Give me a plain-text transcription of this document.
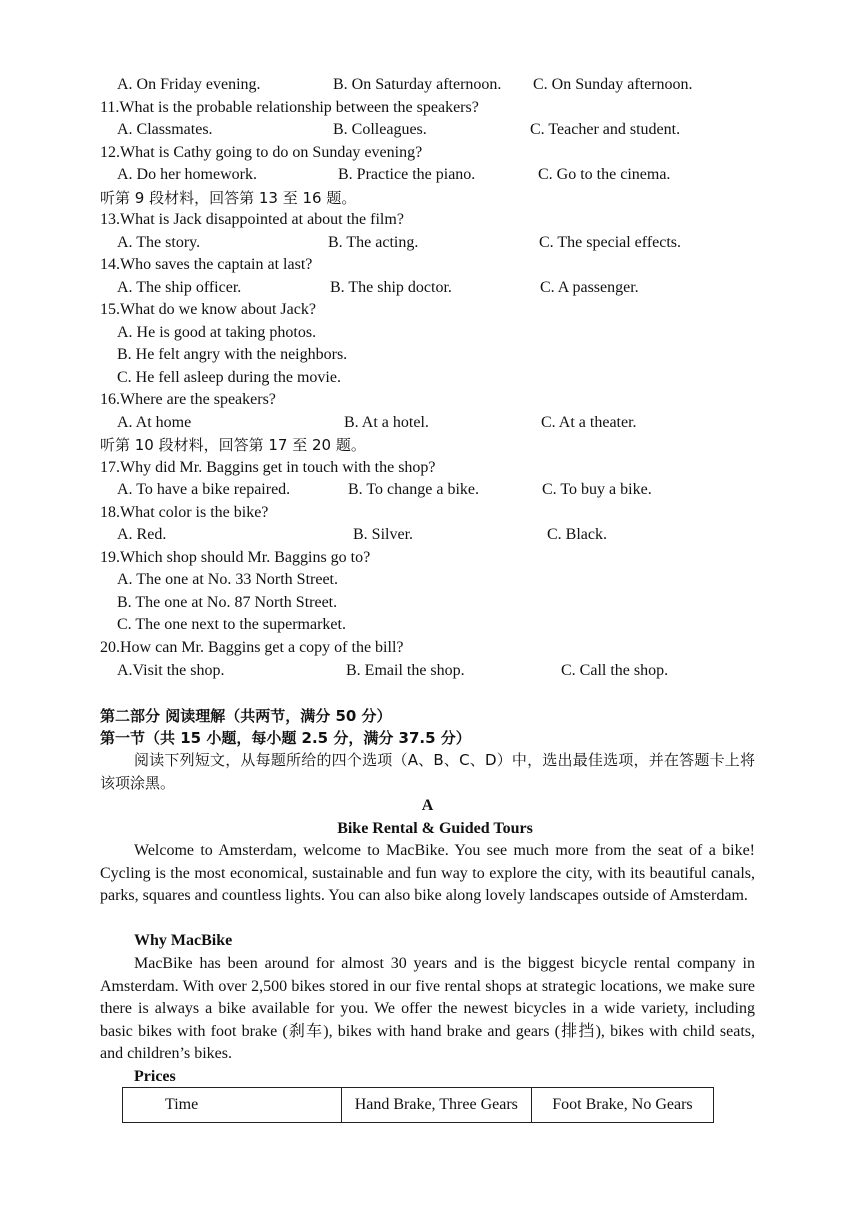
A. On Friday evening.	B. On Saturday afternoon. C. On Sunday afternoon.
11.What is the probable relationship between the speakers?
A. Classmates.	B. Colleagues.	C. Teacher and student.
12.What is Cathy going to do on Sunday evening?
A. Do her homework.	B. Practice the piano.	C. Go to the cinema.
听第 9 段材料，回答第 13 至 16 题。
13.What is Jack disappointed at about the film?
A. The story.	B. The acting.	C. The special effects.
14.Who saves the captain at last?
A. The ship officer.	B. The ship doctor.	C. A passenger.
15.What do we know about Jack?
A. He is good at taking photos.
B. He felt angry with the neighbors.
C. He fell asleep during the movie.
16.Where are the speakers?
A. At home	B. At a hotel.	C. At a theater.
听第 10 段材料，回答第 17 至 20 题。
17.Why did Mr. Baggins get in touch with the shop?
A. To have a bike repaired.	B. To change a bike.	C. To buy a bike.
18.What color is the bike?
A. Red.	B. Silver.	C. Black.
19.Which shop should Mr. Baggins go to?
A. The one at No. 33 North Street.
B. The one at No. 87 North Street.
C. The one next to the supermarket.
20.How can Mr. Baggins get a copy of the bill?
A.Visit the shop.	B. Email the shop.	C. Call the shop.
第二部分 阅读理解（共两节，满分 50 分）
第一节（共 15 小题，每小题 2.5 分，满分 37.5 分）
阅读下列短文，从每题所给的四个选项（A、B、C、D）中，选出最佳选项，并在答题卡上将该项涂黑。
A
Bike Rental & Guided Tours
Welcome to Amsterdam, welcome to MacBike. You see much more from the seat of a bike! Cycling is the most economical, sustainable and fun way to explore the city, with its beautiful canals, parks, squares and countless lights. You can also bike along lovely landscapes outside of Amsterdam.
Why MacBike
MacBike has been around for almost 30 years and is the biggest bicycle rental company in Amsterdam. With over 2,500 bikes stored in our five rental shops at strategic locations, we make sure there is always a bike available for you. We offer the newest bicycles in a wide variety, including basic bikes with foot brake (刹车), bikes with hand brake and gears (排挡), bikes with child seats, and children’s bikes.
Prices
Time	Hand Brake, Three Gears	Foot Brake, No Gears
